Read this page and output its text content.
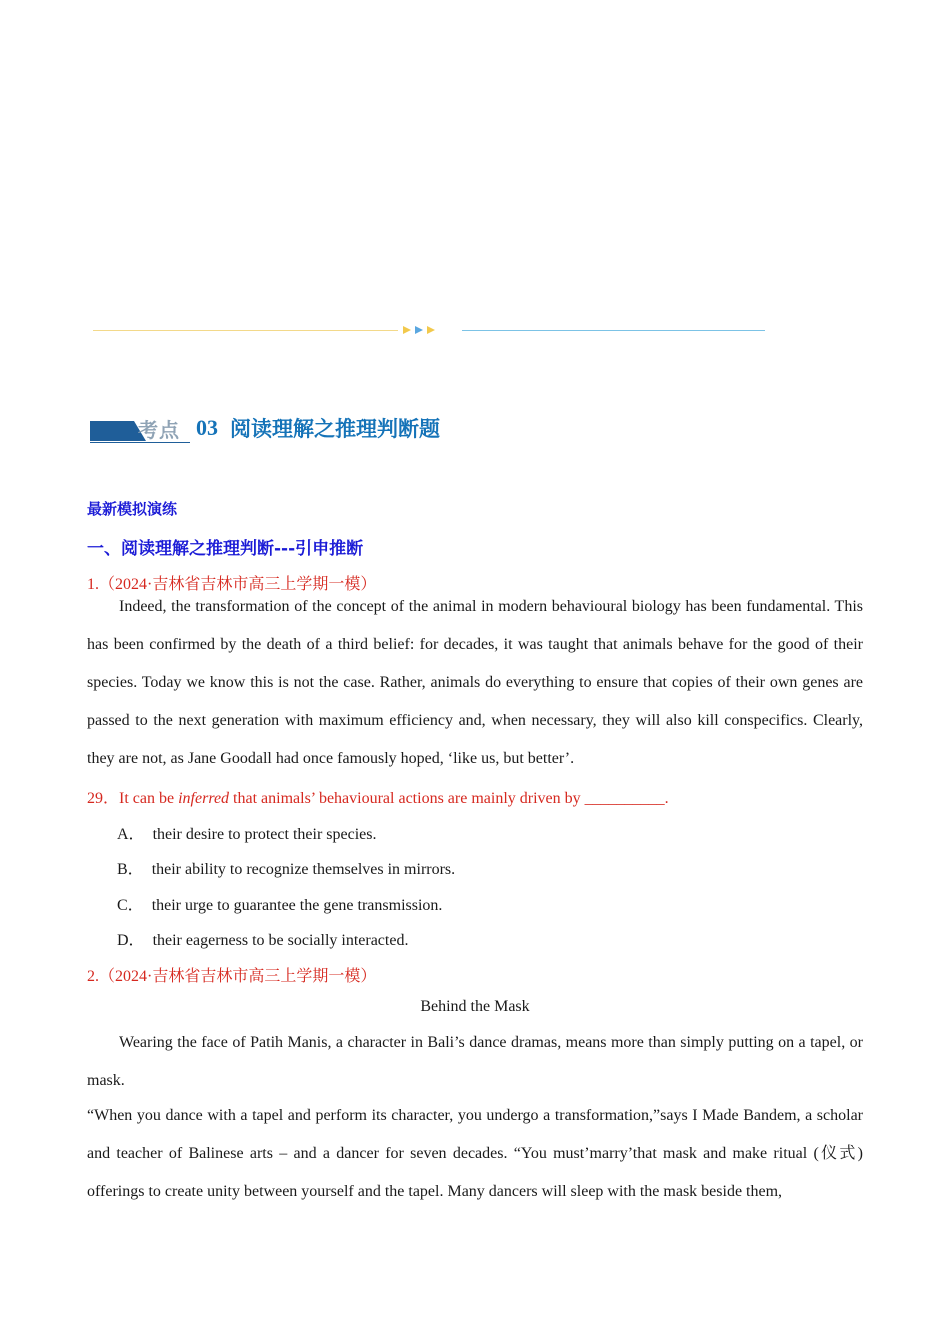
考点 03 阅读理解之推理判断题
最新模拟演练
一、阅读理解之推理判断---引申推断
1.（2024·吉林省吉林市高三上学期一模）
Indeed, the transformation of the concept of the animal in modern behavioural biology has been fundamental. This has been confirmed by the death of a third belief: for decades, it was taught that animals behave for the good of their species. Today we know this is not the case. Rather, animals do everything to ensure that copies of their own genes are passed to the next generation with maximum efficiency and, when necessary, they will also kill conspecifics. Clearly, they are not, as Jane Goodall had once famously hoped, ‘like us, but better’.
29．It can be inferred that animals’ behavioural actions are mainly driven by __________.
A． their desire to protect their species.
B． their ability to recognize themselves in mirrors.
C． their urge to guarantee the gene transmission.
D． their eagerness to be socially interacted.
2.（2024·吉林省吉林市高三上学期一模）
Behind the Mask
Wearing the face of Patih Manis, a character in Bali’s dance dramas, means more than simply putting on a tapel, or mask.
“When you dance with a tapel and perform its character, you undergo a transformation,”says I Made Bandem, a scholar and teacher of Balinese arts – and a dancer for seven decades. “You must’marry’that mask and make ritual (仪式) offerings to create unity between yourself and the tapel. Many dancers will sleep with the mask beside them,
